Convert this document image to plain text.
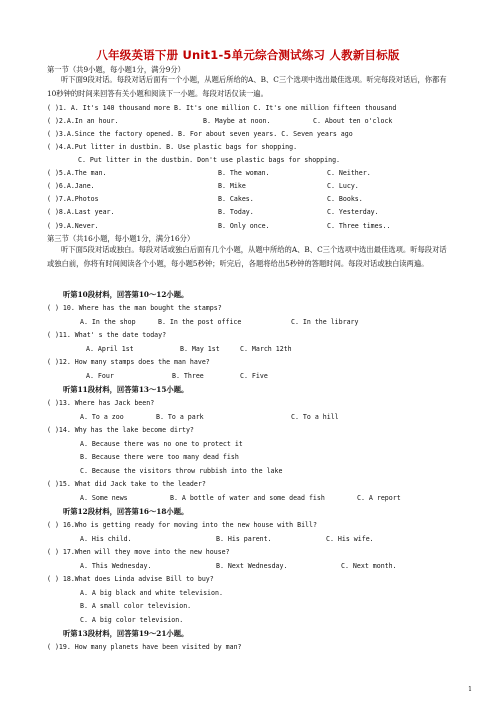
八年级英语下册 Unit1-5单元综合测试练习 人教新目标版
第一节（共9小题，每小题1分，满分9分）
听下面9段对话。每段对话后面有一个小题，从题后所给的A、B、C三个选项中选出最佳选项。听完每段对话后，你都有10秒钟的时间来回答有关小题和阅读下一小题。每段对话仅读一遍。
( )1. A. It's 140 thousand more B. It's one million C. It's one million fifteen thousand
( )2.A.In an hour.	B. Maybe at noon.	C. About ten o'clock
( )3.A.Since the factory opened. B. For about seven years. C. Seven years ago
( )4.A.Put litter in dustbin. B. Use plastic bags for shopping.
C. Put litter in the dustbin. Don't use plastic bags for shopping.
( )5.A.The man.	B. The woman.	C. Neither.
( )6.A.Jane.	B. Mike	C. Lucy.
( )7.A.Photos	B. Cakes.	C. Books.
( )8.A.Last year.	B. Today.	C. Yesterday.
( )9.A.Never.	B. Only once.	C. Three times..
第三节（共16小题，每小题1分，满分16分）
听下面5段对话或独白。每段对话或独白后面有几个小题，从题中所给的A、B、C三个选项中选出最佳选项。听每段对话或独白前，你将有时间阅读各个小题，每小题5秒钟；听完后，各题将给出5秒钟的答题时间。每段对话或独白读两遍。
听第10段材料，回答第10～12小题。
( ) 10. Where has the man bought the stamps?
A. In the shop	B. In the post office	C. In the library
( )11. What' s the date today?
A. April 1st	B. May 1st	C. March 12th
( )12. How many stamps does the man have?
A. Four	B. Three	C. Five
听第11段材料，回答第13～15小题。
( )13. Where has Jack been?
A. To a zoo	B. To a park	C. To a hill
( )14. Why has the lake become dirty?
A. Because there was no one to protect it
B. Because there were too many dead fish
C. Because the visitors throw rubbish into the lake
( )15. What did Jack take to the leader?
A. Some news	B. A bottle of water and some dead fish	C. A report
听第12段材料，回答第16～18小题。
( ) 16.Who is getting ready for moving into the new house with Bill?
A. His child.	B. His parent.	C. His wife.
( ) 17.When will they move into the new house?
A. This Wednesday.	B. Next Wednesday.	C. Next month.
( ) 18.What does Linda advise Bill to buy?
A. A big black and white television.
B. A small color television.
C. A big color television.
听第13段材料，回答第19～21小题。
( )19. How many planets have been visited by man?
1
